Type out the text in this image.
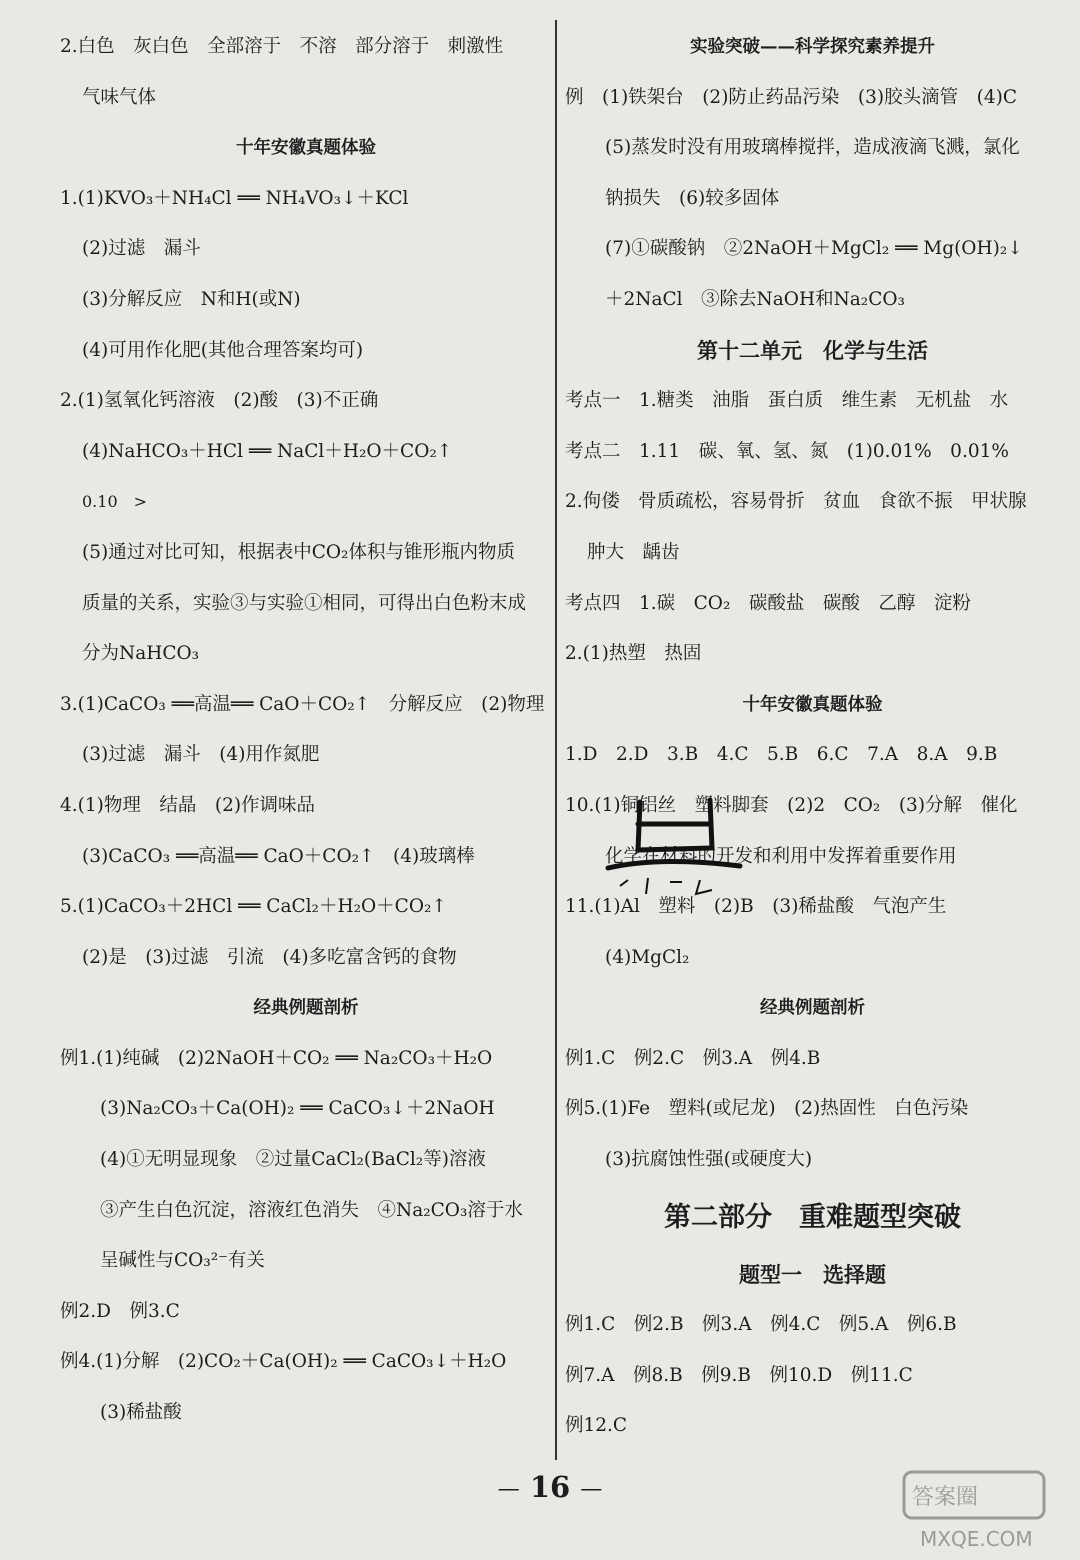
2.白色　灰白色　全部溶于　不溶　部分溶于　刺激性
气味气体
十年安徽真题体验
1.(1)KVO₃＋NH₄Cl ══ NH₄VO₃↓＋KCl
(2)过滤　漏斗
(3)分解反应　N和H(或N)
(4)可用作化肥(其他合理答案均可)
2.(1)氢氧化钙溶液　(2)酸　(3)不正确
(4)NaHCO₃＋HCl ══ NaCl＋H₂O＋CO₂↑
0.10　>
(5)通过对比可知，根据表中CO₂体积与锥形瓶内物质
质量的关系，实验③与实验①相同，可得出白色粉末成
分为NaHCO₃
3.(1)CaCO₃ ══高温══ CaO＋CO₂↑　分解反应　(2)物理
(3)过滤　漏斗　(4)用作氮肥
4.(1)物理　结晶　(2)作调味品
(3)CaCO₃ ══高温══ CaO＋CO₂↑　(4)玻璃棒
5.(1)CaCO₃＋2HCl ══ CaCl₂＋H₂O＋CO₂↑
(2)是　(3)过滤　引流　(4)多吃富含钙的食物
经典例题剖析
例1.(1)纯碱　(2)2NaOH＋CO₂ ══ Na₂CO₃＋H₂O
(3)Na₂CO₃＋Ca(OH)₂ ══ CaCO₃↓＋2NaOH
(4)①无明显现象　②过量CaCl₂(BaCl₂等)溶液
③产生白色沉淀，溶液红色消失　④Na₂CO₃溶于水
呈碱性与CO₃²⁻有关
例2.D　例3.C
例4.(1)分解　(2)CO₂＋Ca(OH)₂ ══ CaCO₃↓＋H₂O
(3)稀盐酸
实验突破——科学探究素养提升
例　(1)铁架台　(2)防止药品污染　(3)胶头滴管　(4)C
(5)蒸发时没有用玻璃棒搅拌，造成液滴飞溅，氯化
钠损失　(6)较多固体
(7)①碳酸钠　②2NaOH＋MgCl₂ ══ Mg(OH)₂↓
＋2NaCl　③除去NaOH和Na₂CO₃
第十二单元　化学与生活
考点一　1.糖类　油脂　蛋白质　维生素　无机盐　水
考点二　1.11　碳、氧、氢、氮　(1)0.01%　0.01%
2.佝偻　骨质疏松，容易骨折　贫血　食欲不振　甲状腺
肿大　龋齿
考点四　1.碳　CO₂　碳酸盐　碳酸　乙醇　淀粉
2.(1)热塑　热固
十年安徽真题体验
1.D　2.D　3.B　4.C　5.B　6.C　7.A　8.A　9.B
10.(1)铜铝丝　塑料脚套　(2)2　CO₂　(3)分解　催化
化学在材料的开发和利用中发挥着重要作用
11.(1)Al　塑料　(2)B　(3)稀盐酸　气泡产生
(4)MgCl₂
经典例题剖析
例1.C　例2.C　例3.A　例4.B
例5.(1)Fe　塑料(或尼龙)　(2)热固性　白色污染
(3)抗腐蚀性强(或硬度大)
第二部分　重难题型突破
题型一　选择题
例1.C　例2.B　例3.A　例4.C　例5.A　例6.B
例7.A　例8.B　例9.B　例10.D　例11.C
例12.C
— 16 —	答案圈
MXQE.COM
